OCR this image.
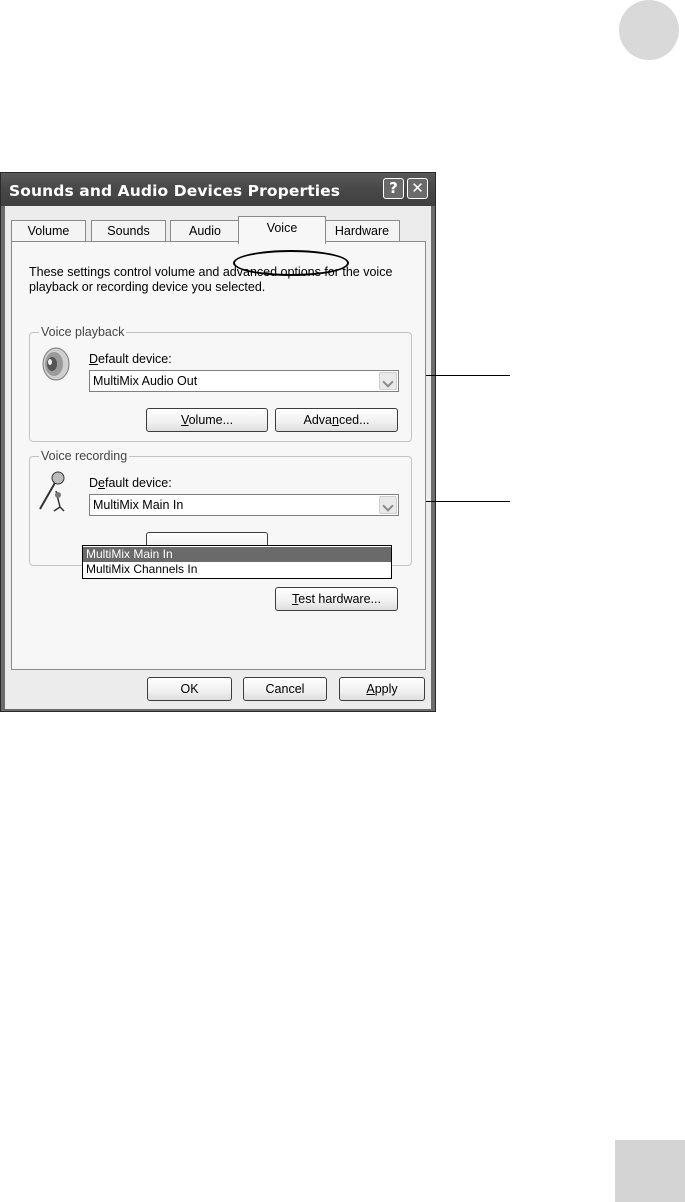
Sounds and Audio Devices Properties	? ✕
Volume	Sounds	Audio	Voice	Hardware
These settings control volume and advanced options for the voice playback or recording device you selected.
Voice playback
Default device:
MultiMix Audio Out
Volume...	Advanced...
Voice recording
Default device:
MultiMix Main In
Test hardware...
MultiMix Main In
MultiMix Channels In
OK	Cancel	Apply
